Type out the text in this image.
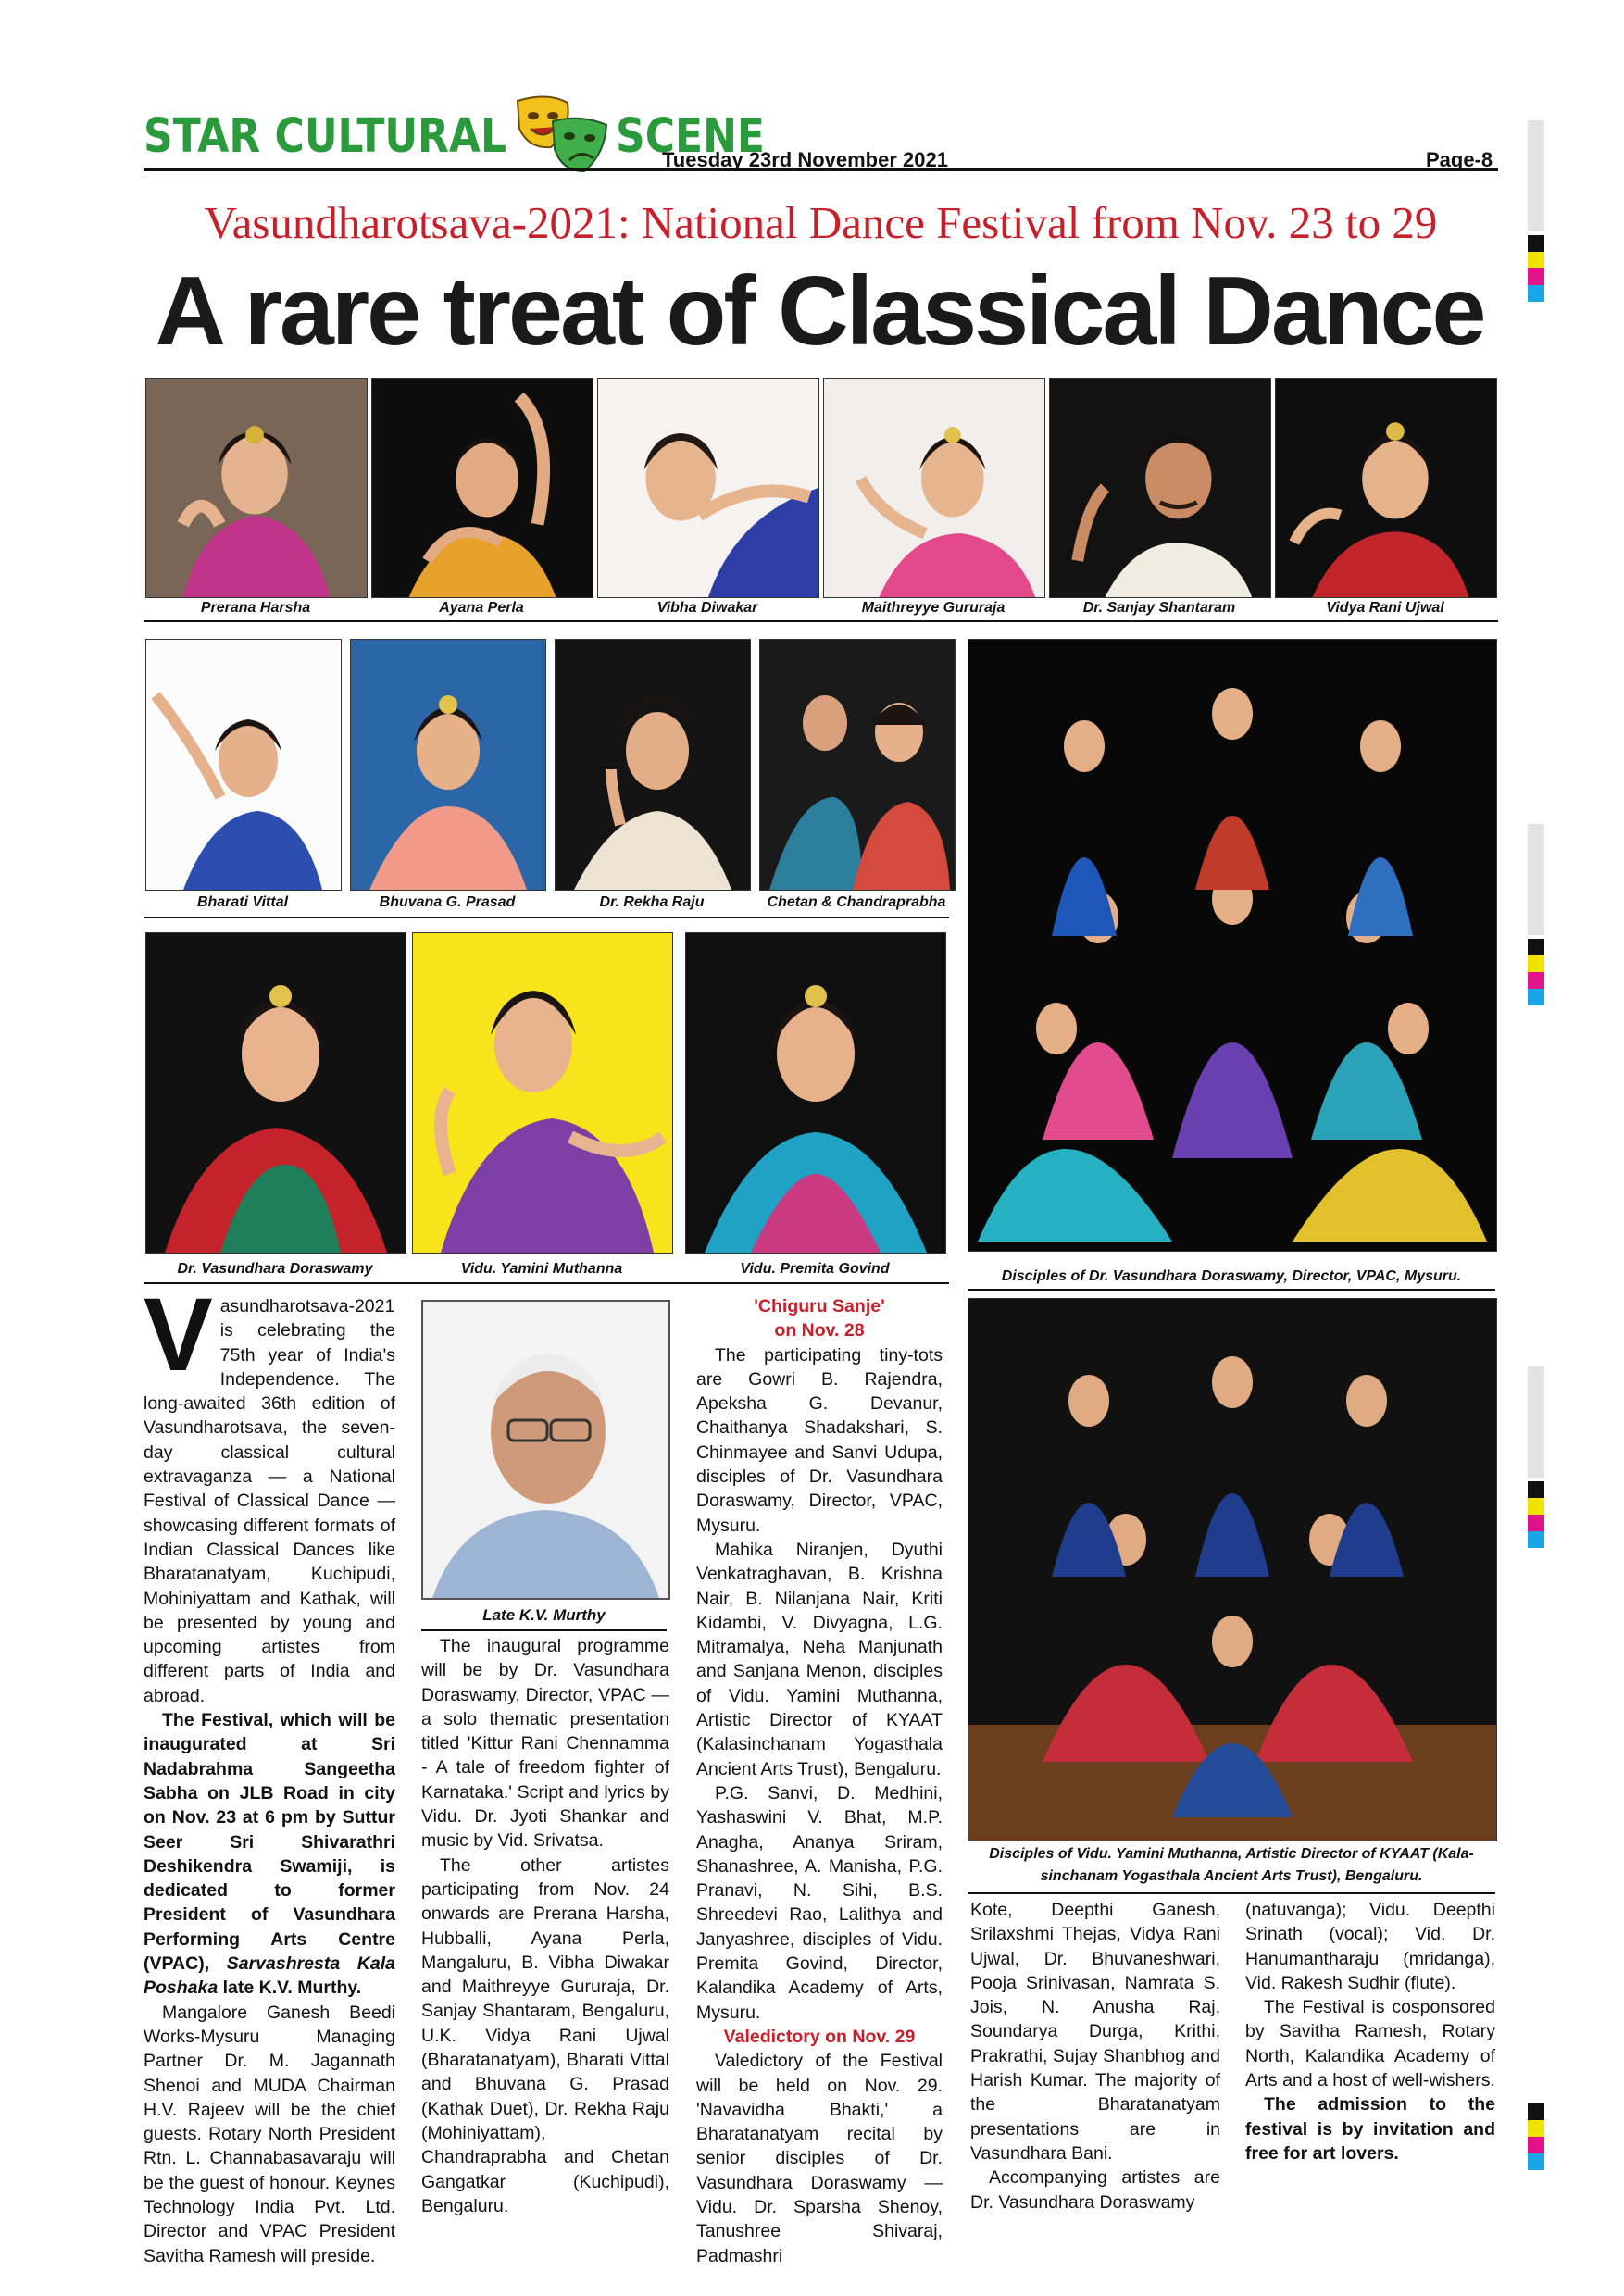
STAR CULTURAL	SCENE
Tuesday 23rd November 2021	Page-8
Vasundharotsava-2021: National Dance Festival from Nov. 23 to 29
A rare treat of Classical Dance
Prerana Harsha	Ayana Perla	Vibha Diwakar	Maithreyye Gururaja	Dr. Sanjay Shantaram	Vidya Rani Ujwal
Bharati Vittal	Bhuvana G. Prasad	Dr. Rekha Raju	Chetan & Chandraprabha
Dr. Vasundhara Doraswamy	Vidu. Yamini Muthanna	Vidu. Premita Govind	Disciples of Dr. Vasundhara Doraswamy, Director, VPAC, Mysuru.
Disciples of Vidu. Yamini Muthanna, Artistic Director of KYAAT (Kala-
sinchanam Yogasthala Ancient Arts Trust), Bengaluru.
Late K.V. Murthy

Vasundharotsava-2021 is celebrating the 75th year of India's Independence. The long-awaited 36th edition of Vasundharotsava, the seven-day classical cultural extravaganza — a National Festival of Classical Dance — showcasing different formats of Indian Classical Dances like Bharatanatyam, Kuchipudi, Mohiniyattam and Kathak, will be presented by young and upcoming artistes from different parts of India and abroad.

The Festival, which will be inaugurated at Sri Nadabrahma Sangeetha Sabha on JLB Road in city on Nov. 23 at 6 pm by Suttur Seer Sri Shivarathri Deshikendra Swamiji, is dedicated to former President of Vasundhara Performing Arts Centre (VPAC), Sarvashresta Kala Poshaka late K.V. Murthy.

Mangalore Ganesh Beedi Works-Mysuru Managing Partner Dr. M. Jagannath Shenoi and MUDA Chairman H.V. Rajeev will be the chief guests. Rotary North President Rtn. L. Channabasavaraju will be the guest of honour. Keynes Technology India Pvt. Ltd. Director and VPAC President Savitha Ramesh will preside.

The inaugural programme will be by Dr. Vasundhara Doraswamy, Director, VPAC — a solo thematic presentation titled 'Kittur Rani Chennamma - A tale of freedom fighter of Karnataka.' Script and lyrics by Vidu. Dr. Jyoti Shankar and music by Vid. Srivatsa.

The other artistes participating from Nov. 24 onwards are Prerana Harsha, Hubballi, Ayana Perla, Mangaluru, B. Vibha Diwakar and Maithreyye Gururaja, Dr. Sanjay Shantaram, Bengaluru, U.K. Vidya Rani Ujwal (Bharatanatyam), Bharati Vittal and Bhuvana G. Prasad (Kathak Duet), Dr. Rekha Raju (Mohiniyattam), Chandraprabha and Chetan Gangatkar (Kuchipudi), Bengaluru.

'Chiguru Sanje'

on Nov. 28

The participating tiny-tots are Gowri B. Rajendra, Apeksha G. Devanur, Chaithanya Shadakshari, S. Chinmayee and Sanvi Udupa, disciples of Dr. Vasundhara Doraswamy, Director, VPAC, Mysuru.

Mahika Niranjen, Dyuthi Venkatraghavan, B. Krishna Nair, B. Nilanjana Nair, Kriti Kidambi, V. Divyagna, L.G. Mitramalya, Neha Manjunath and Sanjana Menon, disciples of Vidu. Yamini Muthanna, Artistic Director of KYAAT (Kalasinchanam Yogasthala Ancient Arts Trust), Bengaluru.

P.G. Sanvi, D. Medhini, Yashaswini V. Bhat, M.P. Anagha, Ananya Sriram, Shanashree, A. Manisha, P.G. Pranavi, N. Sihi, B.S. Shreedevi Rao, Lalithya and Janyashree, disciples of Vidu. Premita Govind, Director, Kalandika Academy of Arts, Mysuru.

Valedictory on Nov. 29

Valedictory of the Festival will be held on Nov. 29. 'Navavidha Bhakti,' a Bharatanatyam recital by senior disciples of Dr. Vasundhara Doraswamy — Vidu. Dr. Sparsha Shenoy, Tanushree Shivaraj, Padmashri

Kote, Deepthi Ganesh, Srilaxshmi Thejas, Vidya Rani Ujwal, Dr. Bhuvaneshwari, Pooja Srinivasan, Namrata S. Jois, N. Anusha Raj, Soundarya Durga, Krithi, Prakrathi, Sujay Shanbhog and Harish Kumar. The majority of the Bharatanatyam presentations are in Vasundhara Bani.

Accompanying artistes are Dr. Vasundhara Doraswamy

(natuvanga); Vidu. Deepthi Srinath (vocal); Vid. Dr. Hanumantharaju (mridanga), Vid. Rakesh Sudhir (flute).

The Festival is cosponsored by Savitha Ramesh, Rotary North, Kalandika Academy of Arts and a host of well-wishers.

The admission to the festival is by invitation and free for art lovers.
